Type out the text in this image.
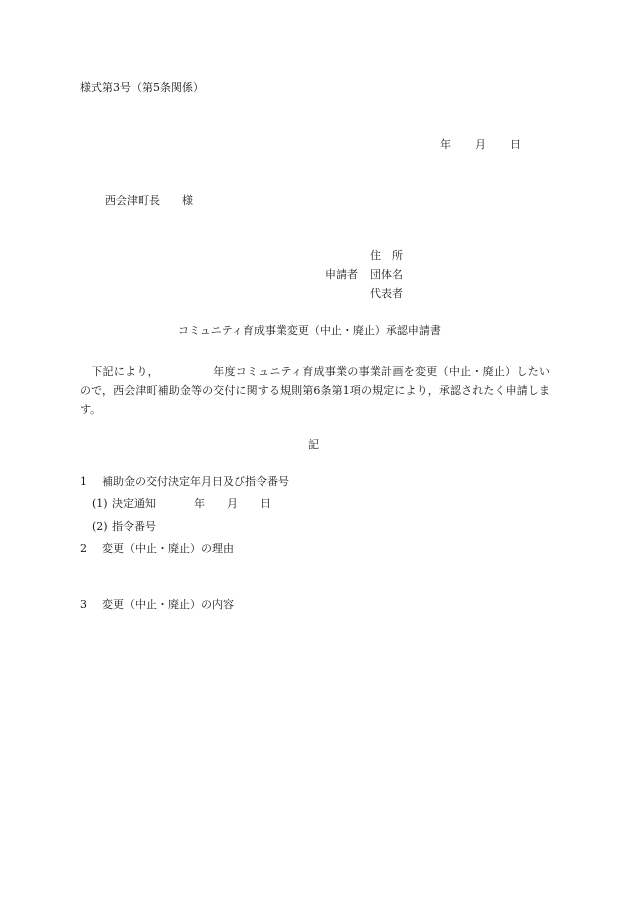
様式第3号（第5条関係）
年 月 日
西会津町長 様
申請者
住　所
団体名
代表者
コミュニティ育成事業変更（中止・廃止）承認申請書
下記により，	年度コミュニティ育成事業の事業計画を変更（中止・廃止）したいので，西会津町補助金等の交付に関する規則第6条第1項の規定により，承認されたく申請します。
記
1 補助金の交付決定年月日及び指令番号
(1) 決定通知	年 月 日
(2) 指令番号
2 変更（中止・廃止）の理由
3 変更（中止・廃止）の内容
